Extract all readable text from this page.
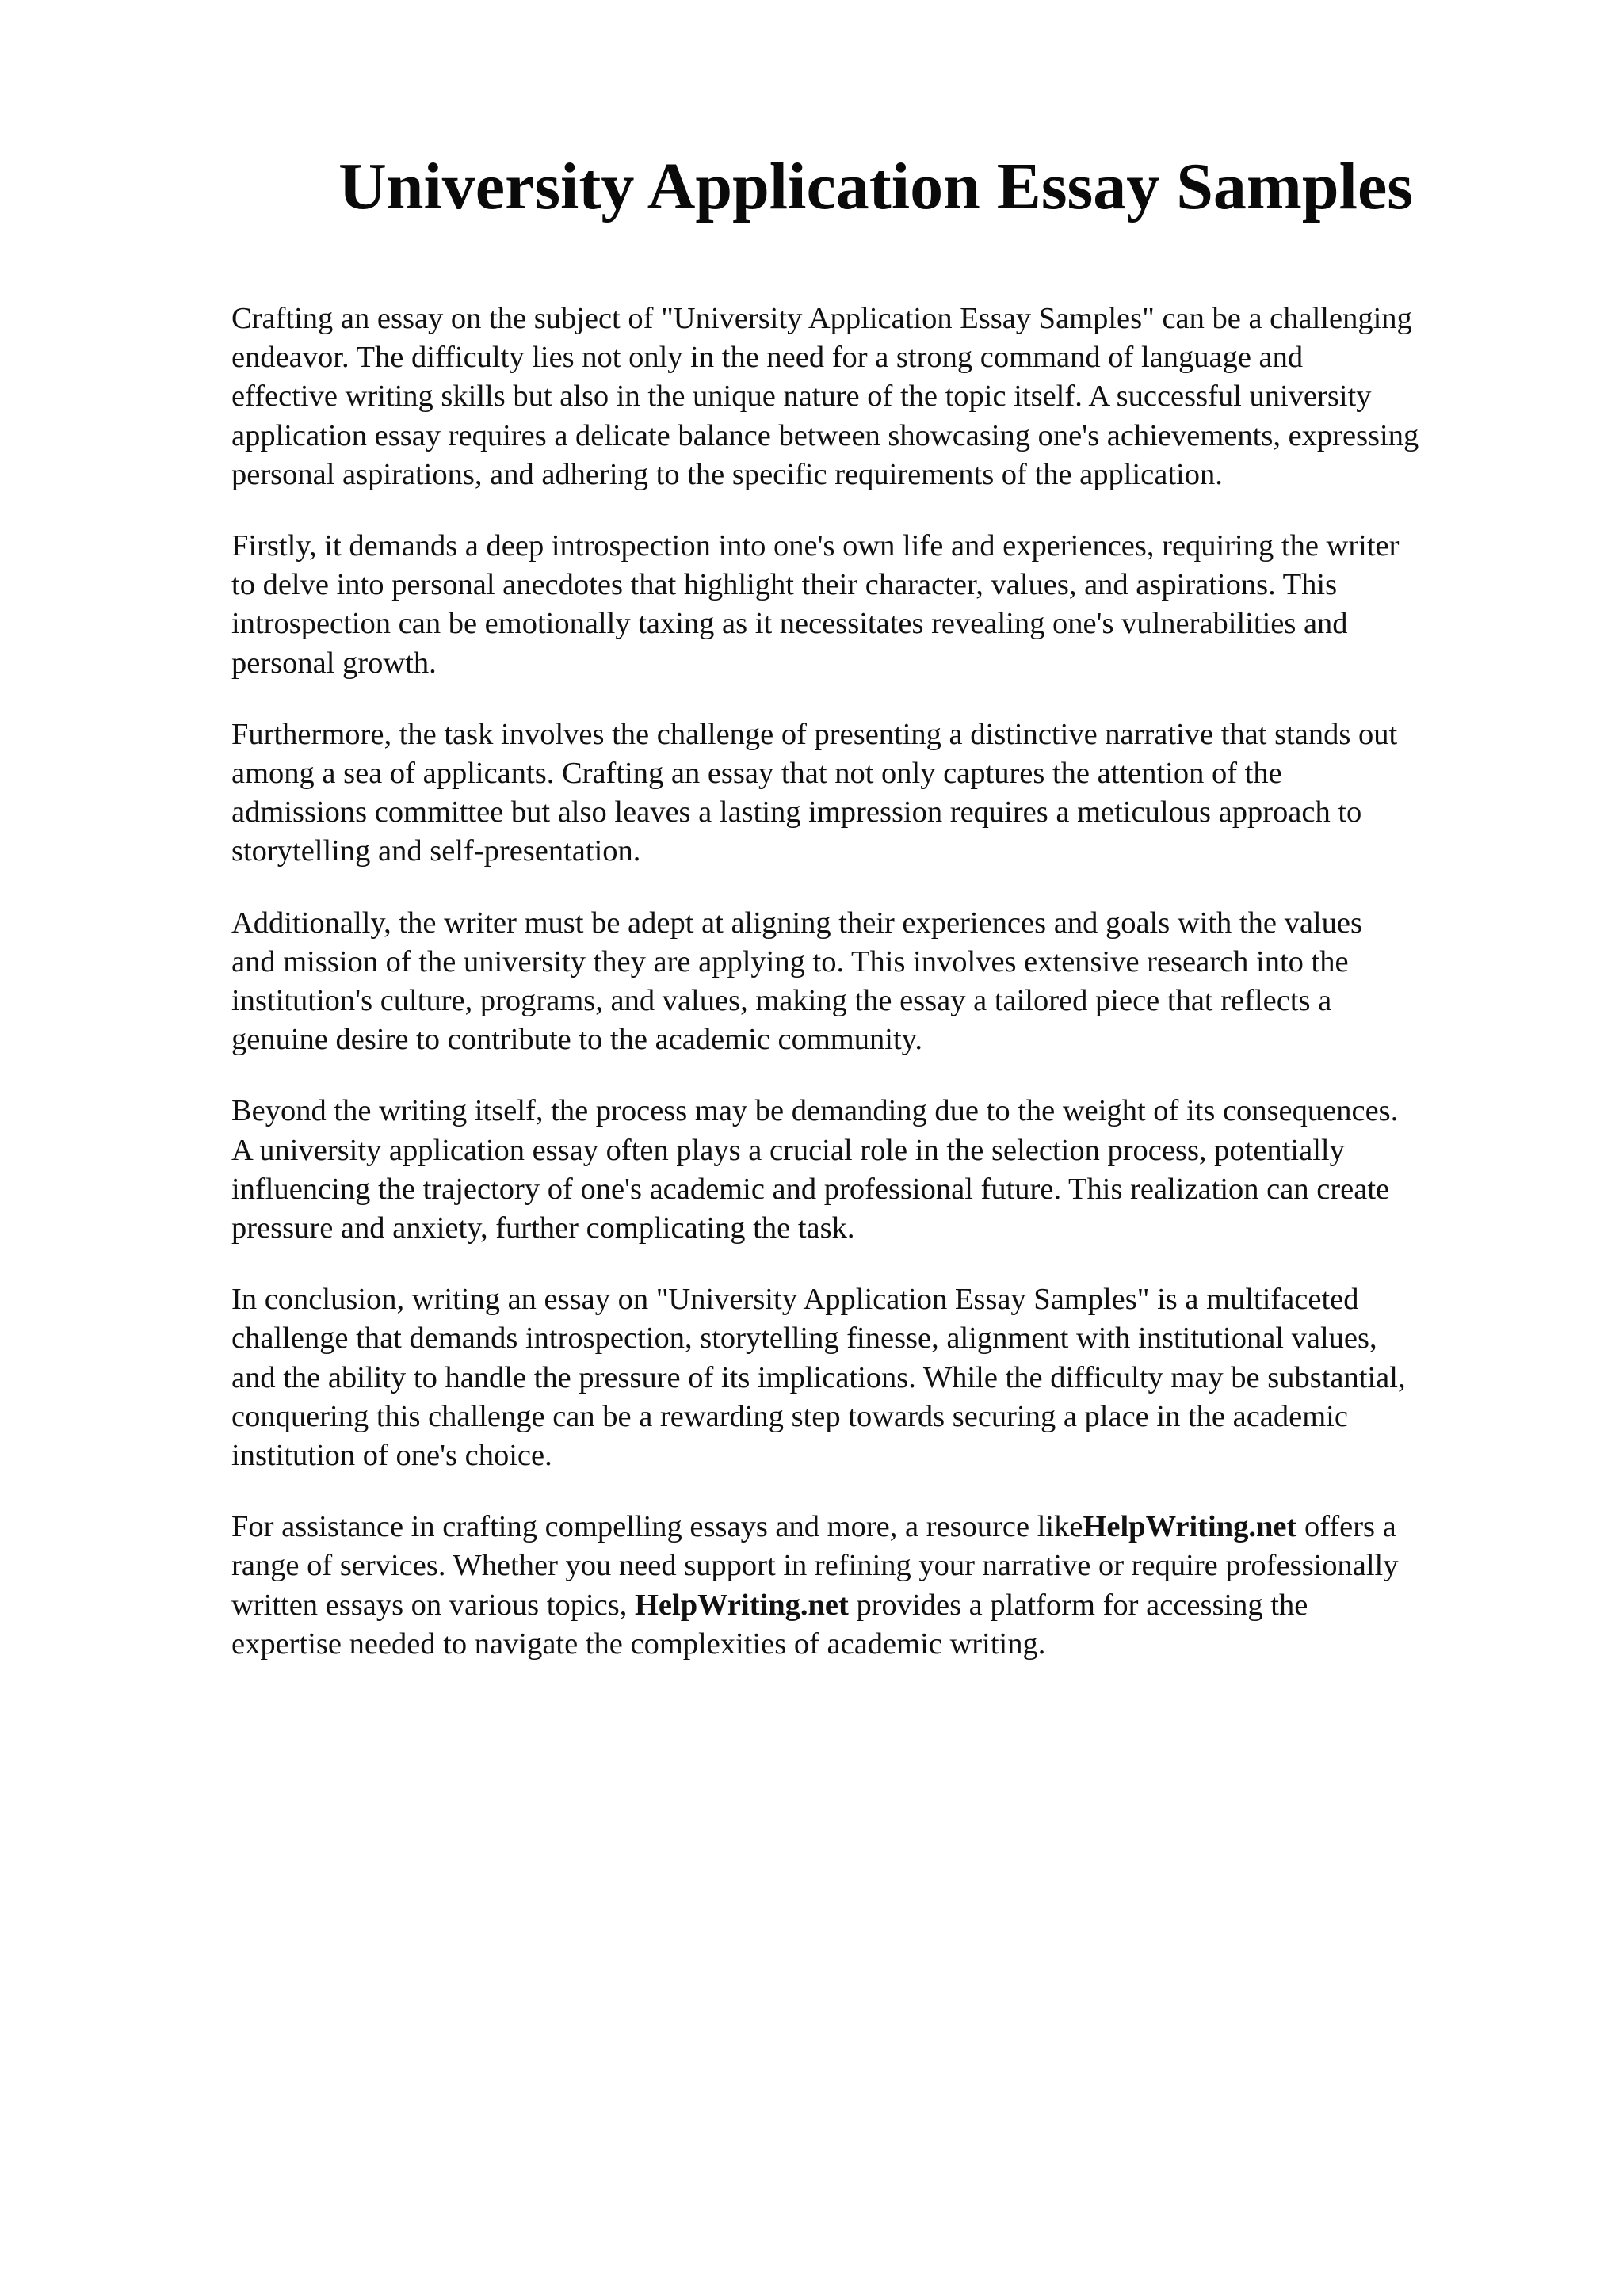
University Application Essay Samples
Crafting an essay on the subject of "University Application Essay Samples" can be a challenging
endeavor. The difficulty lies not only in the need for a strong command of language and
effective writing skills but also in the unique nature of the topic itself. A successful university
application essay requires a delicate balance between showcasing one's achievements, expressing
personal aspirations, and adhering to the specific requirements of the application.
Firstly, it demands a deep introspection into one's own life and experiences, requiring the writer
to delve into personal anecdotes that highlight their character, values, and aspirations. This
introspection can be emotionally taxing as it necessitates revealing one's vulnerabilities and
personal growth.
Furthermore, the task involves the challenge of presenting a distinctive narrative that stands out
among a sea of applicants. Crafting an essay that not only captures the attention of the
admissions committee but also leaves a lasting impression requires a meticulous approach to
storytelling and self-presentation.
Additionally, the writer must be adept at aligning their experiences and goals with the values
and mission of the university they are applying to. This involves extensive research into the
institution's culture, programs, and values, making the essay a tailored piece that reflects a
genuine desire to contribute to the academic community.
Beyond the writing itself, the process may be demanding due to the weight of its consequences.
A university application essay often plays a crucial role in the selection process, potentially
influencing the trajectory of one's academic and professional future. This realization can create
pressure and anxiety, further complicating the task.
In conclusion, writing an essay on "University Application Essay Samples" is a multifaceted
challenge that demands introspection, storytelling finesse, alignment with institutional values,
and the ability to handle the pressure of its implications. While the difficulty may be substantial,
conquering this challenge can be a rewarding step towards securing a place in the academic
institution of one's choice.
For assistance in crafting compelling essays and more, a resource likeHelpWriting.net offers a
range of services. Whether you need support in refining your narrative or require professionally
written essays on various topics, HelpWriting.net provides a platform for accessing the
expertise needed to navigate the complexities of academic writing.
